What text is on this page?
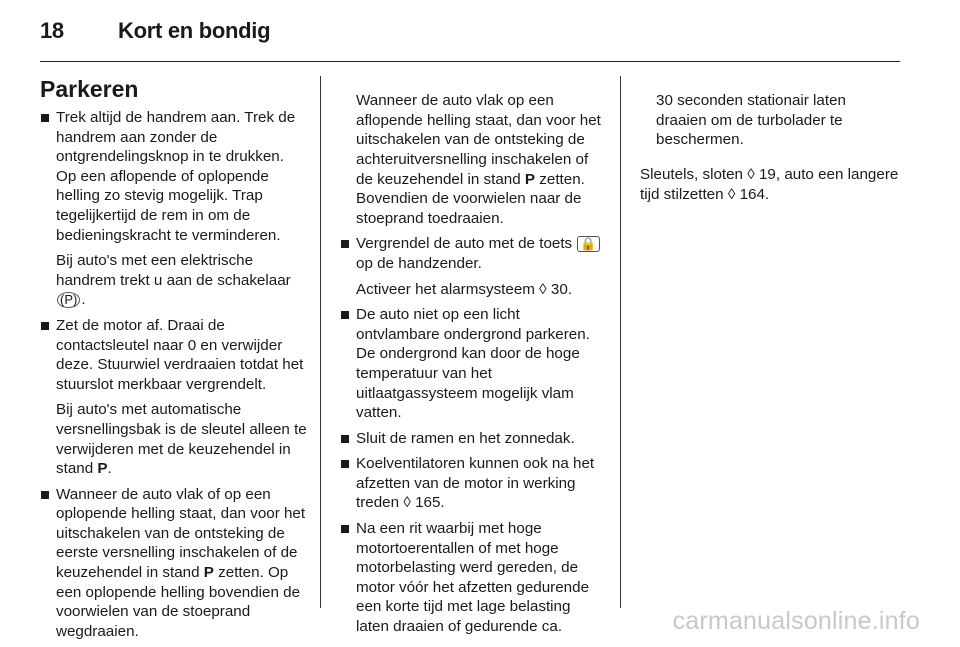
18 Kort en bondig
Parkeren

Trek altijd de handrem aan. Trek de handrem aan zonder de ontgrendelingsknop in te drukken. Op een aflopende of oplopende helling zo stevig mogelijk. Trap tegelijkertijd de rem in om de bedieningskracht te verminderen.

Bij auto's met een elektrische handrem trekt u aan de schakelaar (P) .

Zet de motor af. Draai de contactsleutel naar 0 en verwijder deze. Stuurwiel verdraaien totdat het stuurslot merkbaar vergrendelt.

Bij auto's met automatische versnellingsbak is de sleutel alleen te verwijderen met de keuzehendel in stand P.

Wanneer de auto vlak of op een oplopende helling staat, dan voor het uitschakelen van de ontsteking de eerste versnelling inschakelen of de keuzehendel in stand P zetten. Op een oplopende helling bovendien de voorwielen van de stoeprand wegdraaien.

Wanneer de auto vlak op een aflopende helling staat, dan voor het uitschakelen van de ontsteking de achteruitversnelling inschakelen of de keuzehendel in stand P zetten. Bovendien de voorwielen naar de stoeprand toedraaien.

Vergrendel de auto met de toets 🔒 op de handzender.

Activeer het alarmsysteem ◊ 30.

De auto niet op een licht ontvlambare ondergrond parkeren. De ondergrond kan door de hoge temperatuur van het uitlaatgassysteem mogelijk vlam vatten.

Sluit de ramen en het zonnedak.

Koelventilatoren kunnen ook na het afzetten van de motor in werking treden ◊ 165.

Na een rit waarbij met hoge motortoerentallen of met hoge motorbelasting werd gereden, de motor vóór het afzetten gedurende een korte tijd met lage belasting laten draaien of gedurende ca.

30 seconden stationair laten draaien om de turbolader te beschermen.

Sleutels, sloten ◊ 19, auto een langere tijd stilzetten ◊ 164.

carmanualsonline.info
